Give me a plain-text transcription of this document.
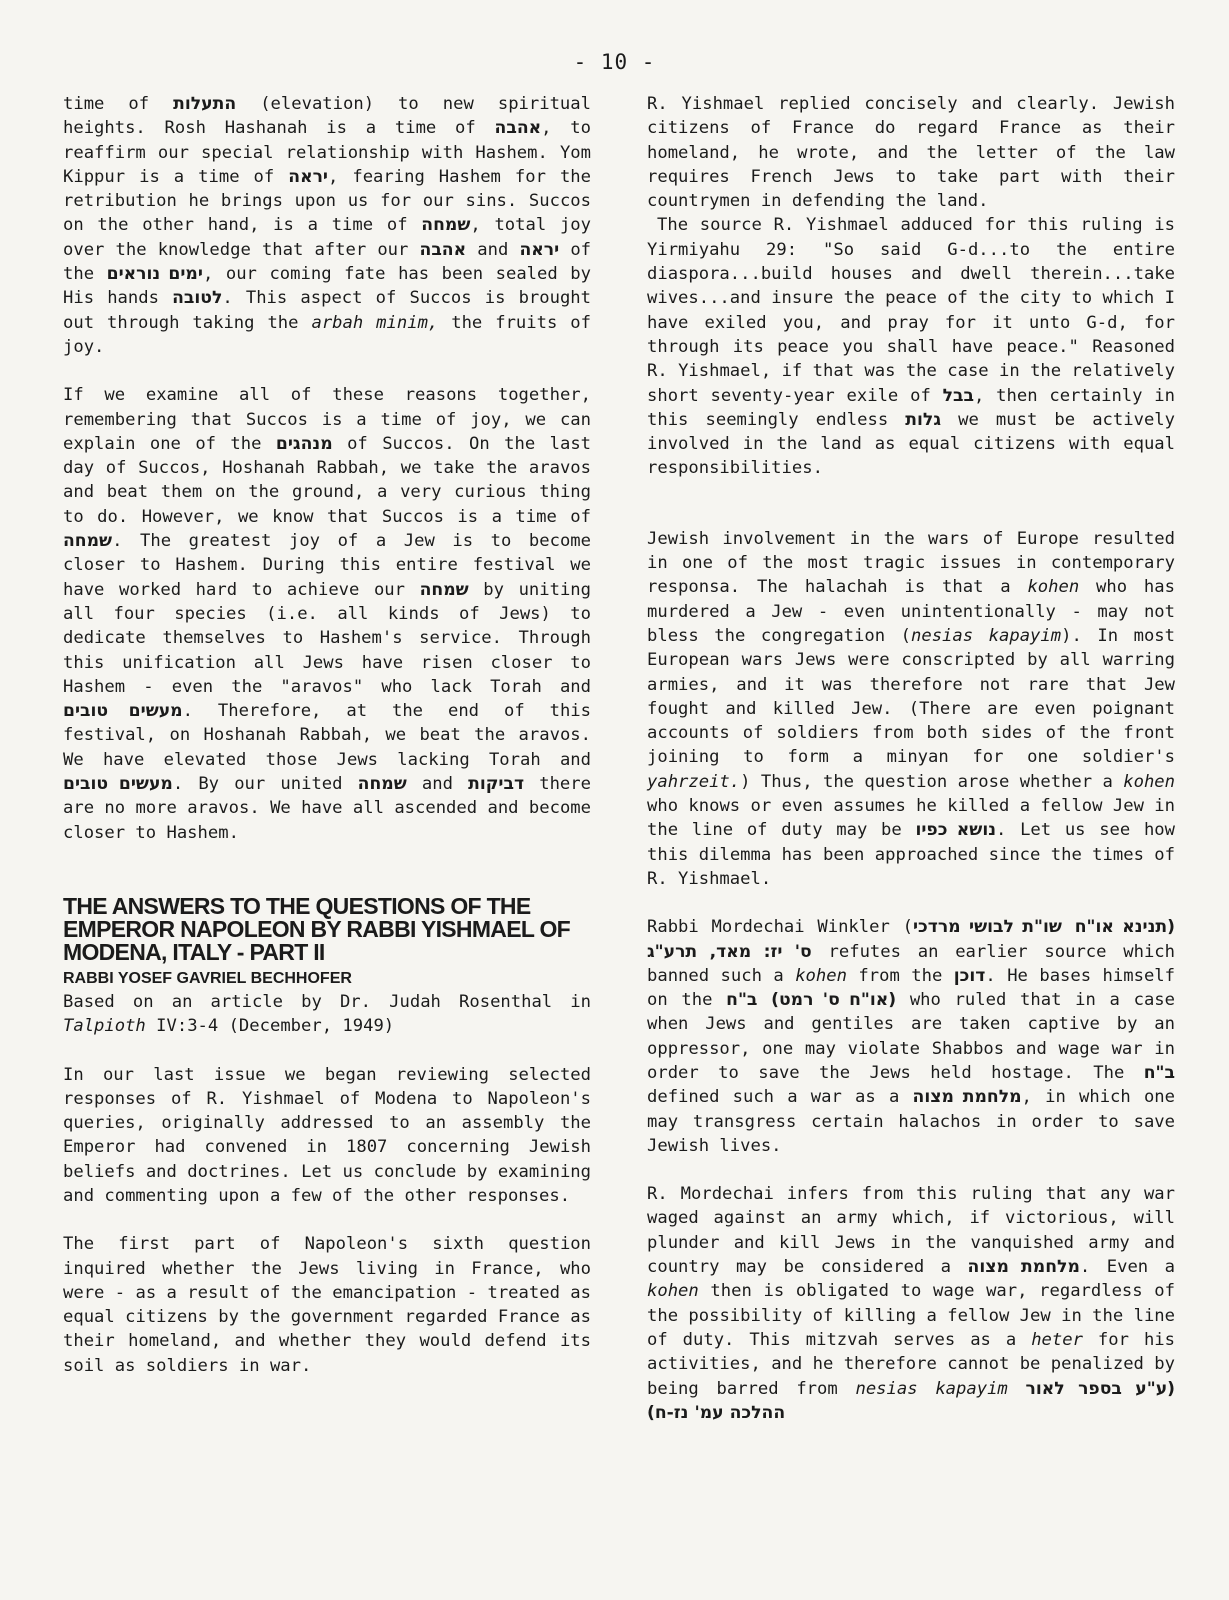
- 10 -

time of התעלות (elevation) to new spiritual heights. Rosh Hashanah is a time of אהבה, to reaffirm our special relationship with Hashem. Yom Kippur is a time of יראה, fearing Hashem for the retribution he brings upon us for our sins. Succos on the other hand, is a time of שמחה, total joy over the knowledge that after our אהבה and יראה of the ימים נוראים, our coming fate has been sealed by His hands לטובה. This aspect of Succos is brought out through taking the arbah minim, the fruits of joy.

If we examine all of these reasons together, remembering that Succos is a time of joy, we can explain one of the מנהגים of Succos. On the last day of Succos, Hoshanah Rabbah, we take the aravos and beat them on the ground, a very curious thing to do. However, we know that Succos is a time of שמחה. The greatest joy of a Jew is to become closer to Hashem. During this entire festival we have worked hard to achieve our שמחה by uniting all four species (i.e. all kinds of Jews) to dedicate themselves to Hashem's service. Through this unification all Jews have risen closer to Hashem - even the "aravos" who lack Torah and מעשים טובים. Therefore, at the end of this festival, on Hoshanah Rabbah, we beat the aravos. We have elevated those Jews lacking Torah and מעשים טובים. By our united שמחה and דביקות there are no more aravos. We have all ascended and become closer to Hashem.

THE ANSWERS TO THE QUESTIONS OF THE EMPEROR NAPOLEON BY RABBI YISHMAEL OF MODENA, ITALY - PART II
RABBI YOSEF GAVRIEL BECHHOFER

Based on an article by Dr. Judah Rosenthal in Talpioth IV:3-4 (December, 1949)

In our last issue we began reviewing selected responses of R. Yishmael of Modena to Napoleon's queries, originally addressed to an assembly the Emperor had convened in 1807 concerning Jewish beliefs and doctrines. Let us conclude by examining and commenting upon a few of the other responses.

The first part of Napoleon's sixth question inquired whether the Jews living in France, who were - as a result of the emancipation - treated as equal citizens by the government regarded France as their homeland, and whether they would defend its soil as soldiers in war.

R. Yishmael replied concisely and clearly. Jewish citizens of France do regard France as their homeland, he wrote, and the letter of the law requires French Jews to take part with their countrymen in defending the land.

The source R. Yishmael adduced for this ruling is Yirmiyahu 29: "So said G-d...to the entire diaspora...build houses and dwell therein...take wives...and insure the peace of the city to which I have exiled you, and pray for it unto G-d, for through its peace you shall have peace." Reasoned R. Yishmael, if that was the case in the relatively short seventy-year exile of בבל, then certainly in this seemingly endless גלות we must be actively involved in the land as equal citizens with equal responsibilities.

Jewish involvement in the wars of Europe resulted in one of the most tragic issues in contemporary responsa. The halachah is that a kohen who has murdered a Jew - even unintentionally - may not bless the congregation (nesias kapayim). In most European wars Jews were conscripted by all warring armies, and it was therefore not rare that Jew fought and killed Jew. (There are even poignant accounts of soldiers from both sides of the front joining to form a minyan for one soldier's yahrzeit.) Thus, the question arose whether a kohen who knows or even assumes he killed a fellow Jew in the line of duty may be נושא כפיו. Let us see how this dilemma has been approached since the times of R. Yishmael.

Rabbi Mordechai Winkler (שו"ת לבושי מרדכי (תנינא או"ח ס' יז: מאד, תרע"ג refutes an earlier source which banned such a kohen from the דוכן. He bases himself on the ב"ח (או"ח ס' רמט) who ruled that in a case when Jews and gentiles are taken captive by an oppressor, one may violate Shabbos and wage war in order to save the Jews held hostage. The ב"ח defined such a war as a מלחמת מצוה, in which one may transgress certain halachos in order to save Jewish lives.

R. Mordechai infers from this ruling that any war waged against an army which, if victorious, will plunder and kill Jews in the vanquished army and country may be considered a מלחמת מצוה. Even a kohen then is obligated to wage war, regardless of the possibility of killing a fellow Jew in the line of duty. This mitzvah serves as a heter for his activities, and he therefore cannot be penalized by being barred from nesias kapayim (ע"ע בספר לאור ההלכה עמ' נז-ח)
